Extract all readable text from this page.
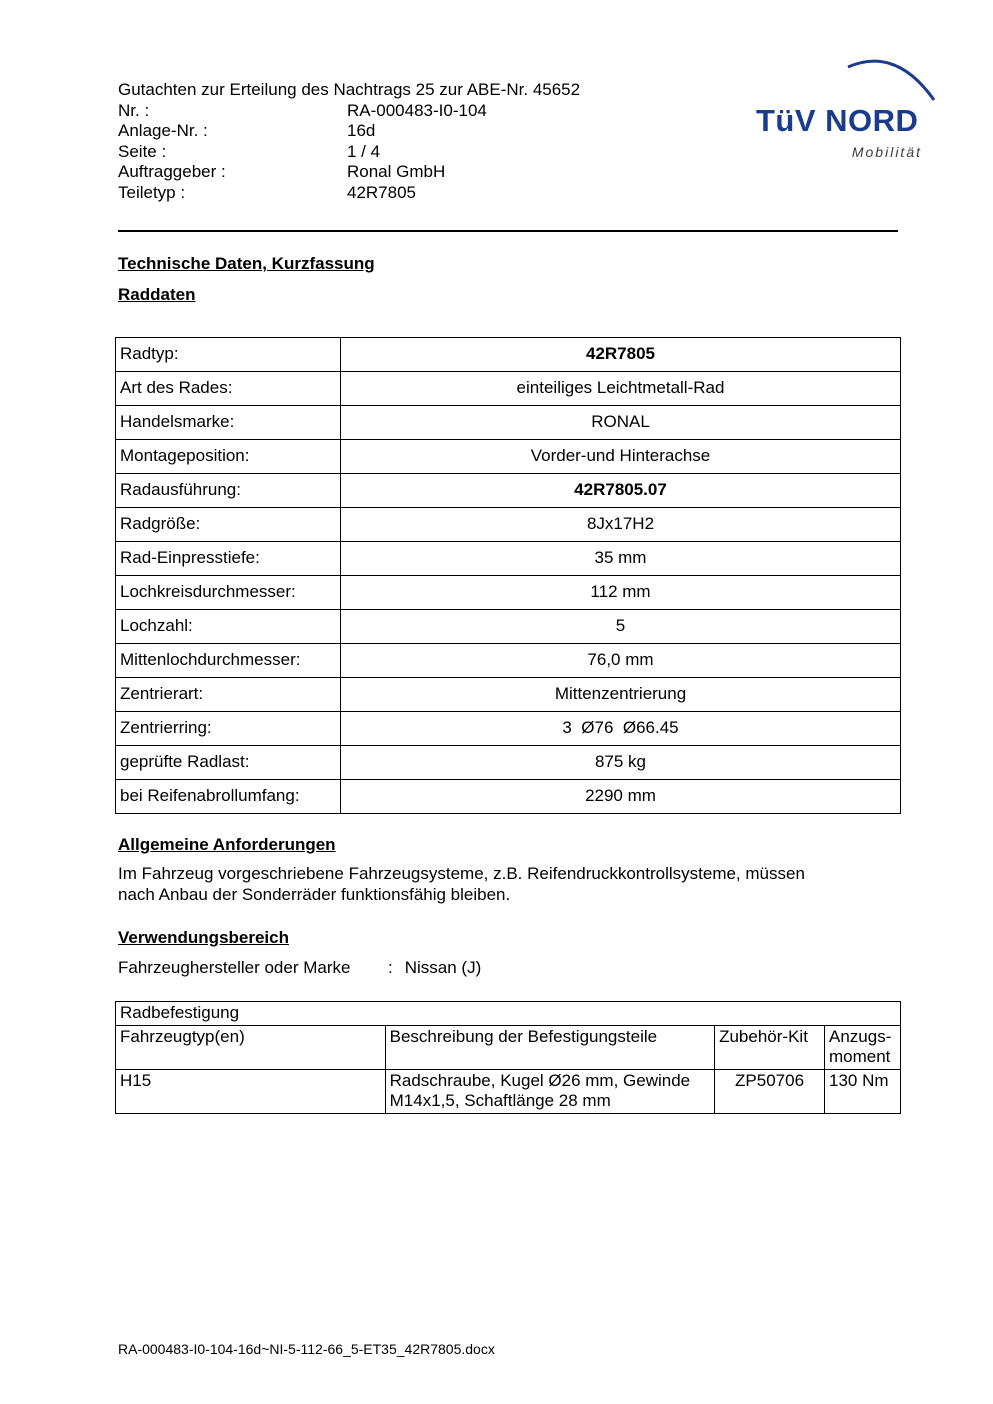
TüV NORD
Mobilität
Gutachten zur Erteilung des Nachtrags 25 zur ABE-Nr. 45652
Nr. :	RA-000483-I0-104
Anlage-Nr. :	16d
Seite :	1 / 4
Auftraggeber :	Ronal GmbH
Teiletyp :	42R7805
Technische Daten, Kurzfassung
Raddaten
Radtyp:	42R7805
Art des Rades:	einteiliges Leichtmetall-Rad
Handelsmarke:	RONAL
Montageposition:	Vorder-und Hinterachse
Radausführung:	42R7805.07
Radgröße:	8Jx17H2
Rad-Einpresstiefe:	35 mm
Lochkreisdurchmesser:	112 mm
Lochzahl:	5
Mittenlochdurchmesser:	76,0 mm
Zentrierart:	Mittenzentrierung
Zentrierring:	3  Ø76  Ø66.45
geprüfte Radlast:	875 kg
bei Reifenabrollumfang:	2290 mm
Allgemeine Anforderungen
Im Fahrzeug vorgeschriebene Fahrzeugsysteme, z.B. Reifendruckkontrollsysteme, müssen nach Anbau der Sonderräder funktionsfähig bleiben.
Verwendungsbereich
Fahrzeughersteller oder Marke	: Nissan (J)
Radbefestigung			
Fahrzeugtyp(en)	Beschreibung der Befestigungsteile	Zubehör-Kit	Anzugs-moment
H15	Radschraube, Kugel Ø26 mm, Gewinde M14x1,5, Schaftlänge 28 mm	ZP50706	130 Nm
RA-000483-I0-104-16d~NI-5-112-66_5-ET35_42R7805.docx
